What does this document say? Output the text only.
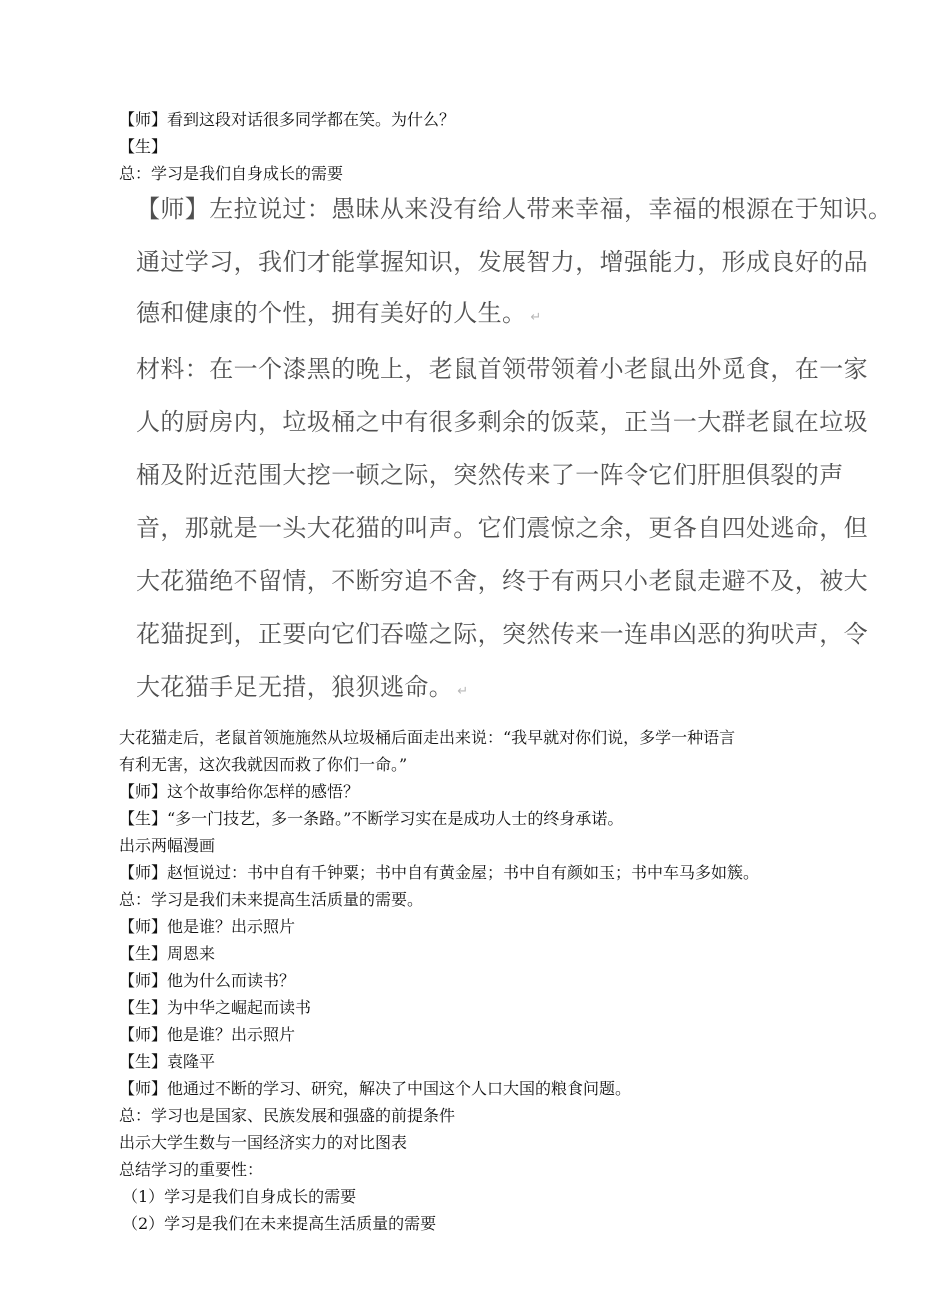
【师】看到这段对话很多同学都在笑。为什么？
【生】
总：学习是我们自身成长的需要
【师】左拉说过：愚昧从来没有给人带来幸福，幸福的根源在于知识。
通过学习，我们才能掌握知识，发展智力，增强能力，形成良好的品
德和健康的个性，拥有美好的人生。 ↵
材料：在一个漆黑的晚上，老鼠首领带领着小老鼠出外觅食，在一家
人的厨房内，垃圾桶之中有很多剩余的饭菜，正当一大群老鼠在垃圾
桶及附近范围大挖一顿之际，突然传来了一阵令它们肝胆俱裂的声
音，那就是一头大花猫的叫声。它们震惊之余，更各自四处逃命，但
大花猫绝不留情，不断穷追不舍，终于有两只小老鼠走避不及，被大
花猫捉到，正要向它们吞噬之际，突然传来一连串凶恶的狗吠声，令
大花猫手足无措，狼狈逃命。 ↵
大花猫走后，老鼠首领施施然从垃圾桶后面走出来说：“我早就对你们说，多学一种语言
有利无害，这次我就因而救了你们一命。”
【师】这个故事给你怎样的感悟？
【生】“多一门技艺，多一条路。”不断学习实在是成功人士的终身承诺。
出示两幅漫画
【师】赵恒说过：书中自有千钟粟；书中自有黄金屋；书中自有颜如玉；书中车马多如簇。
总：学习是我们未来提高生活质量的需要。
【师】他是谁？出示照片
【生】周恩来
【师】他为什么而读书？
【生】为中华之崛起而读书
【师】他是谁？出示照片
【生】袁隆平
【师】他通过不断的学习、研究，解决了中国这个人口大国的粮食问题。
总：学习也是国家、民族发展和强盛的前提条件
出示大学生数与一国经济实力的对比图表
总结学习的重要性：
（1）学习是我们自身成长的需要
（2）学习是我们在未来提高生活质量的需要
